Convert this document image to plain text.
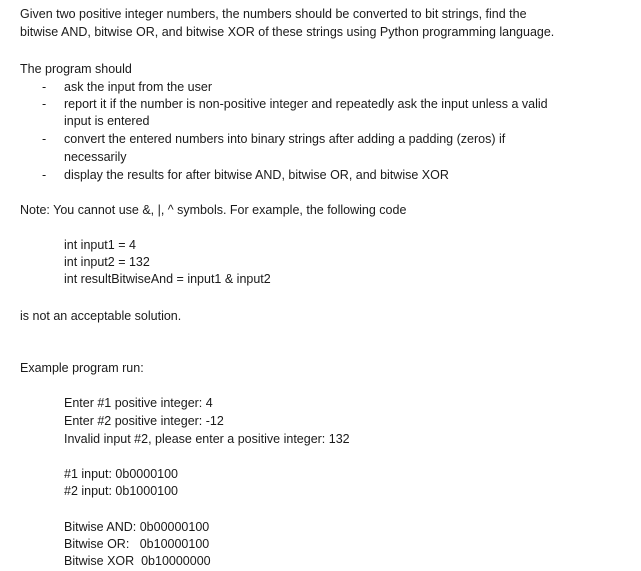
Given two positive integer numbers, the numbers should be converted to bit strings, find the
bitwise AND, bitwise OR, and bitwise XOR of these strings using Python programming language.
The program should
- ask the input from the user
- report it if the number is non-positive integer and repeatedly ask the input unless a valid
input is entered
- convert the entered numbers into binary strings after adding a padding (zeros) if
necessarily
- display the results for after bitwise AND, bitwise OR, and bitwise XOR
Note: You cannot use &, |, ^ symbols. For example, the following code
int input1 = 4
int input2 = 132
int resultBitwiseAnd = input1 & input2
is not an acceptable solution.
Example program run:
Enter #1 positive integer: 4
Enter #2 positive integer: -12
Invalid input #2, please enter a positive integer: 132
#1 input: 0b0000100
#2 input: 0b1000100
Bitwise AND: 0b00000100
Bitwise OR:   0b10000100
Bitwise XOR  0b10000000
